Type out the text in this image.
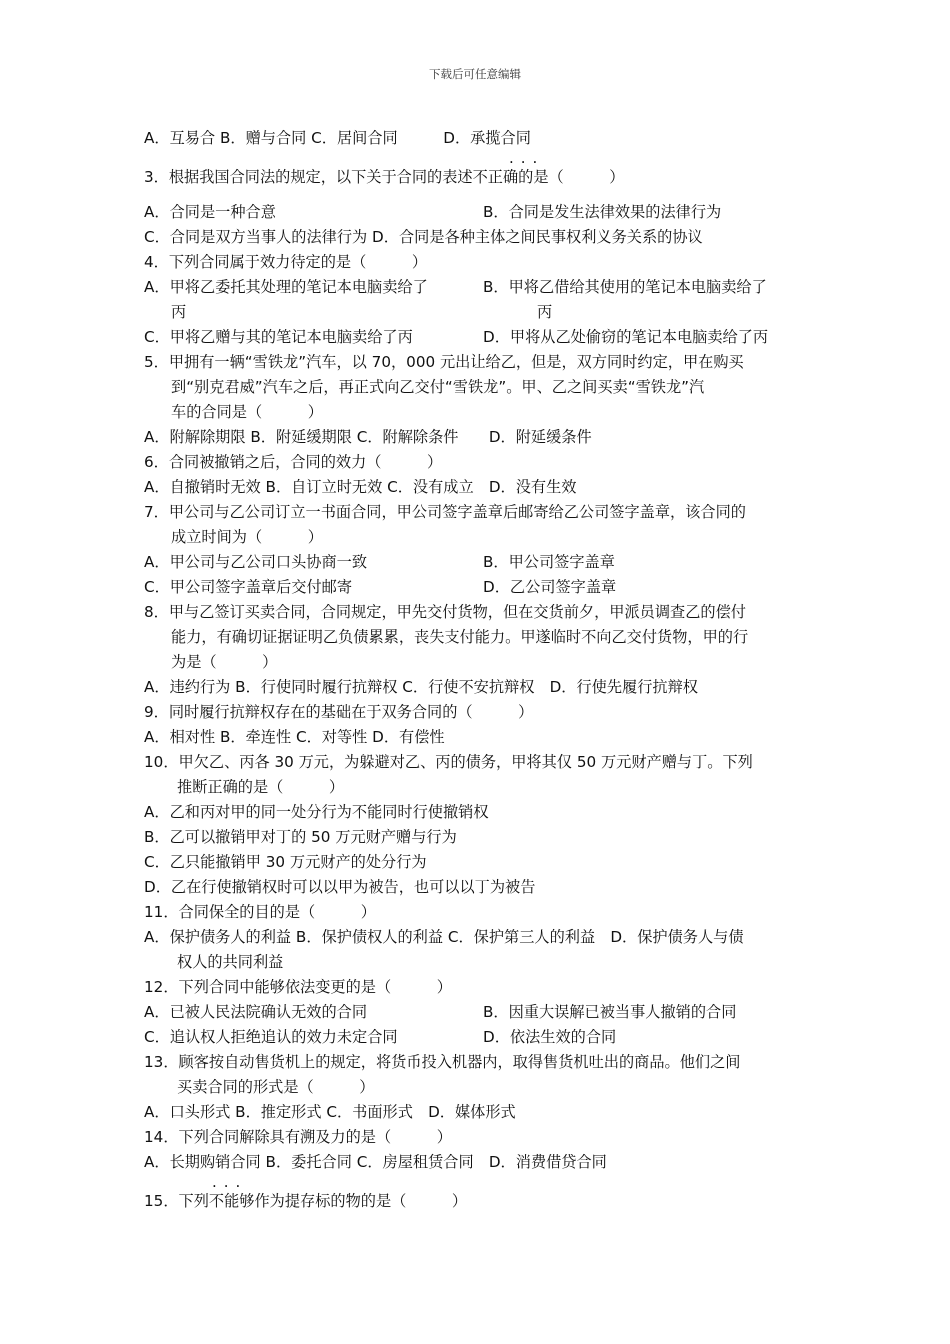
下载后可任意编辑
A．互易合 B．赠与合同 C．居间合同　　　D．承揽合同
...
3．根据我国合同法的规定，以下关于合同的表述不正确的是（　　　）
A．合同是一种合意	B．合同是发生法律效果的法律行为
C．合同是双方当事人的法律行为 D．合同是各种主体之间民事权利义务关系的协议
4．下列合同属于效力待定的是（　　　）
A．甲将乙委托其处理的笔记本电脑卖给了	B．甲将乙借给其使用的笔记本电脑卖给了
丙	丙
C．甲将乙赠与其的笔记本电脑卖给了丙	D．甲将从乙处偷窃的笔记本电脑卖给了丙
5．甲拥有一辆“雪铁龙”汽车，以 70，000 元出让给乙，但是，双方同时约定，甲在购买
到“别克君威”汽车之后，再正式向乙交付“雪铁龙”。甲、乙之间买卖“雪铁龙”汽
车的合同是（　　　）
A．附解除期限 B．附延缓期限 C．附解除条件　　D．附延缓条件
6．合同被撤销之后，合同的效力（　　　）
A．自撤销时无效 B．自订立时无效 C．没有成立　D．没有生效
7．甲公司与乙公司订立一书面合同，甲公司签字盖章后邮寄给乙公司签字盖章，该合同的
成立时间为（　　　）
A．甲公司与乙公司口头协商一致	B．甲公司签字盖章
C．甲公司签字盖章后交付邮寄	D．乙公司签字盖章
8．甲与乙签订买卖合同，合同规定，甲先交付货物，但在交货前夕，甲派员调查乙的偿付
能力，有确切证据证明乙负债累累，丧失支付能力。甲遂临时不向乙交付货物，甲的行
为是（　　　）
A．违约行为 B．行使同时履行抗辩权 C．行使不安抗辩权　D．行使先履行抗辩权
9．同时履行抗辩权存在的基础在于双务合同的（　　　）
A．相对性 B．牵连性 C．对等性 D．有偿性
10．甲欠乙、丙各 30 万元，为躲避对乙、丙的债务，甲将其仅 50 万元财产赠与丁。下列
推断正确的是（　　　）
A．乙和丙对甲的同一处分行为不能同时行使撤销权
B．乙可以撤销甲对丁的 50 万元财产赠与行为
C．乙只能撤销甲 30 万元财产的处分行为
D．乙在行使撤销权时可以以甲为被告，也可以以丁为被告
11．合同保全的目的是（　　　）
A．保护债务人的利益 B．保护债权人的利益 C．保护第三人的利益　D．保护债务人与债
权人的共同利益
12．下列合同中能够依法变更的是（　　　）
A．已被人民法院确认无效的合同	B．因重大误解已被当事人撤销的合同
C．追认权人拒绝追认的效力未定合同	D．依法生效的合同
13．顾客按自动售货机上的规定，将货币投入机器内，取得售货机吐出的商品。他们之间
买卖合同的形式是（　　　）
A．口头形式 B．推定形式 C．书面形式　D．媒体形式
14．下列合同解除具有溯及力的是（　　　）
A．长期购销合同 B．委托合同 C．房屋租赁合同　D．消费借贷合同
...
15．下列不能够作为提存标的物的是（　　　）
